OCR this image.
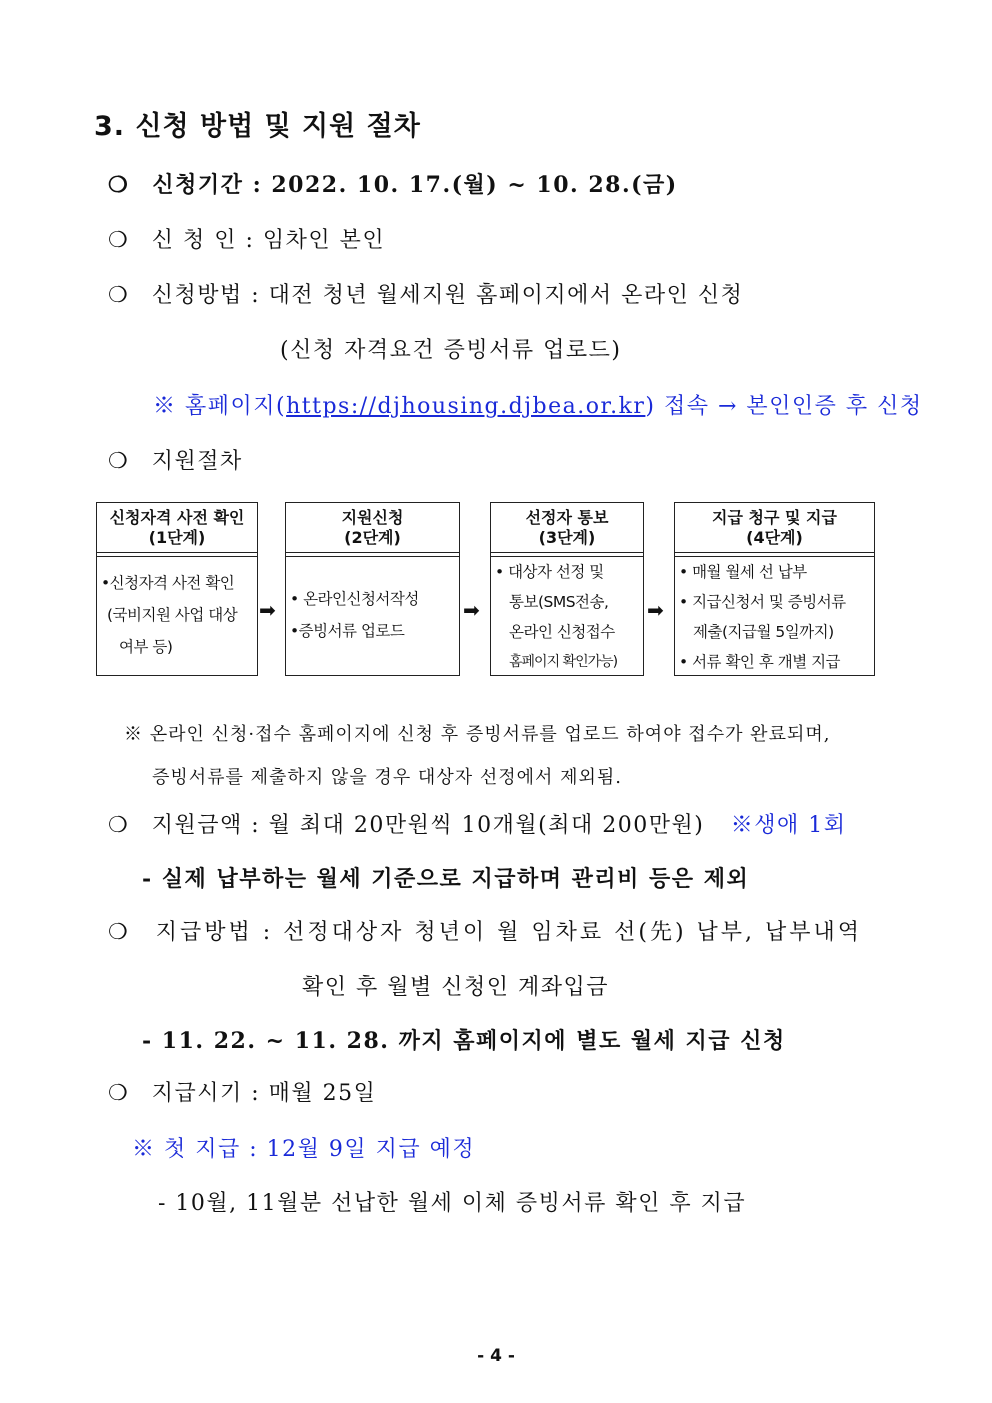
3. 신청 방법 및 지원 절차
❍ 신청기간 : 2022. 10. 17.(월) ~ 10. 28.(금)
❍ 신 청 인 : 임차인 본인
❍ 신청방법 : 대전 청년 월세지원 홈페이지에서 온라인 신청
(신청 자격요건 증빙서류 업로드)
※ 홈페이지(https://djhousing.djbea.or.kr) 접속 → 본인인증 후 신청
❍ 지원절차
신청자격 사전 확인
(1단계)
•신청자격 사전 확인
(국비지원 사업 대상
여부 등)
➡
지원신청
(2단계)
• 온라인신청서작성
•증빙서류 업로드
➡
선정자 통보
(3단계)
• 대상자 선정 및
통보(SMS전송,
온라인 신청접수
홈페이지 확인가능)
➡
지급 청구 및 지급
(4단계)
• 매월 월세 선 납부
• 지급신청서 및 증빙서류
제출(지급월 5일까지)
• 서류 확인 후 개별 지급
※ 온라인 신청·접수 홈페이지에 신청 후 증빙서류를 업로드 하여야 접수가 완료되며,
증빙서류를 제출하지 않을 경우 대상자 선정에서 제외됨.
❍ 지원금액 : 월 최대 20만원씩 10개월(최대 200만원) ※생애 1회
- 실제 납부하는 월세 기준으로 지급하며 관리비 등은 제외
❍ 지급방법 : 선정대상자 청년이 월 임차료 선(先) 납부, 납부내역
확인 후 월별 신청인 계좌입금
- 11. 22. ~ 11. 28. 까지 홈페이지에 별도 월세 지급 신청
❍ 지급시기 : 매월 25일
※ 첫 지급 : 12월 9일 지급 예정
- 10월, 11월분 선납한 월세 이체 증빙서류 확인 후 지급
- 4 -
